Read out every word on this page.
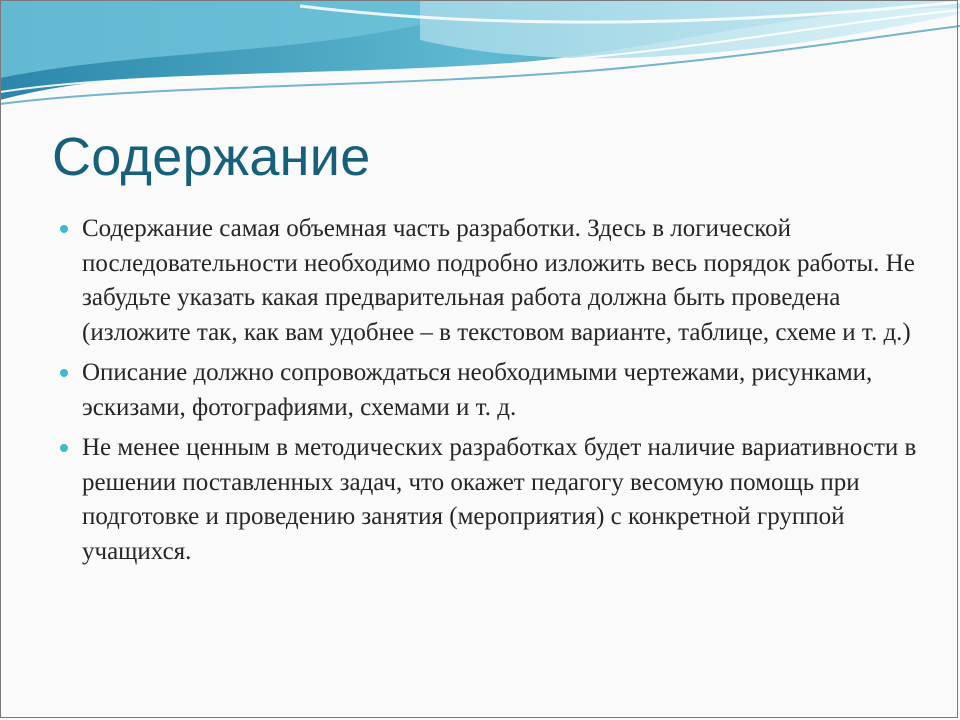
Содержание
Содержание самая объемная часть разработки. Здесь в логической последовательности необходимо подробно изложить весь порядок работы. Не забудьте указать какая предварительная работа должна быть проведена (изложите так, как вам удобнее – в текстовом варианте, таблице, схеме и т. д.)
Описание должно сопровождаться необходимыми чертежами, рисунками, эскизами, фотографиями, схемами и т. д.
Не менее ценным в методических разработках будет наличие вариативности в решении поставленных задач, что окажет педагогу весомую помощь при подготовке и проведению занятия (мероприятия) с конкретной группой учащихся.
